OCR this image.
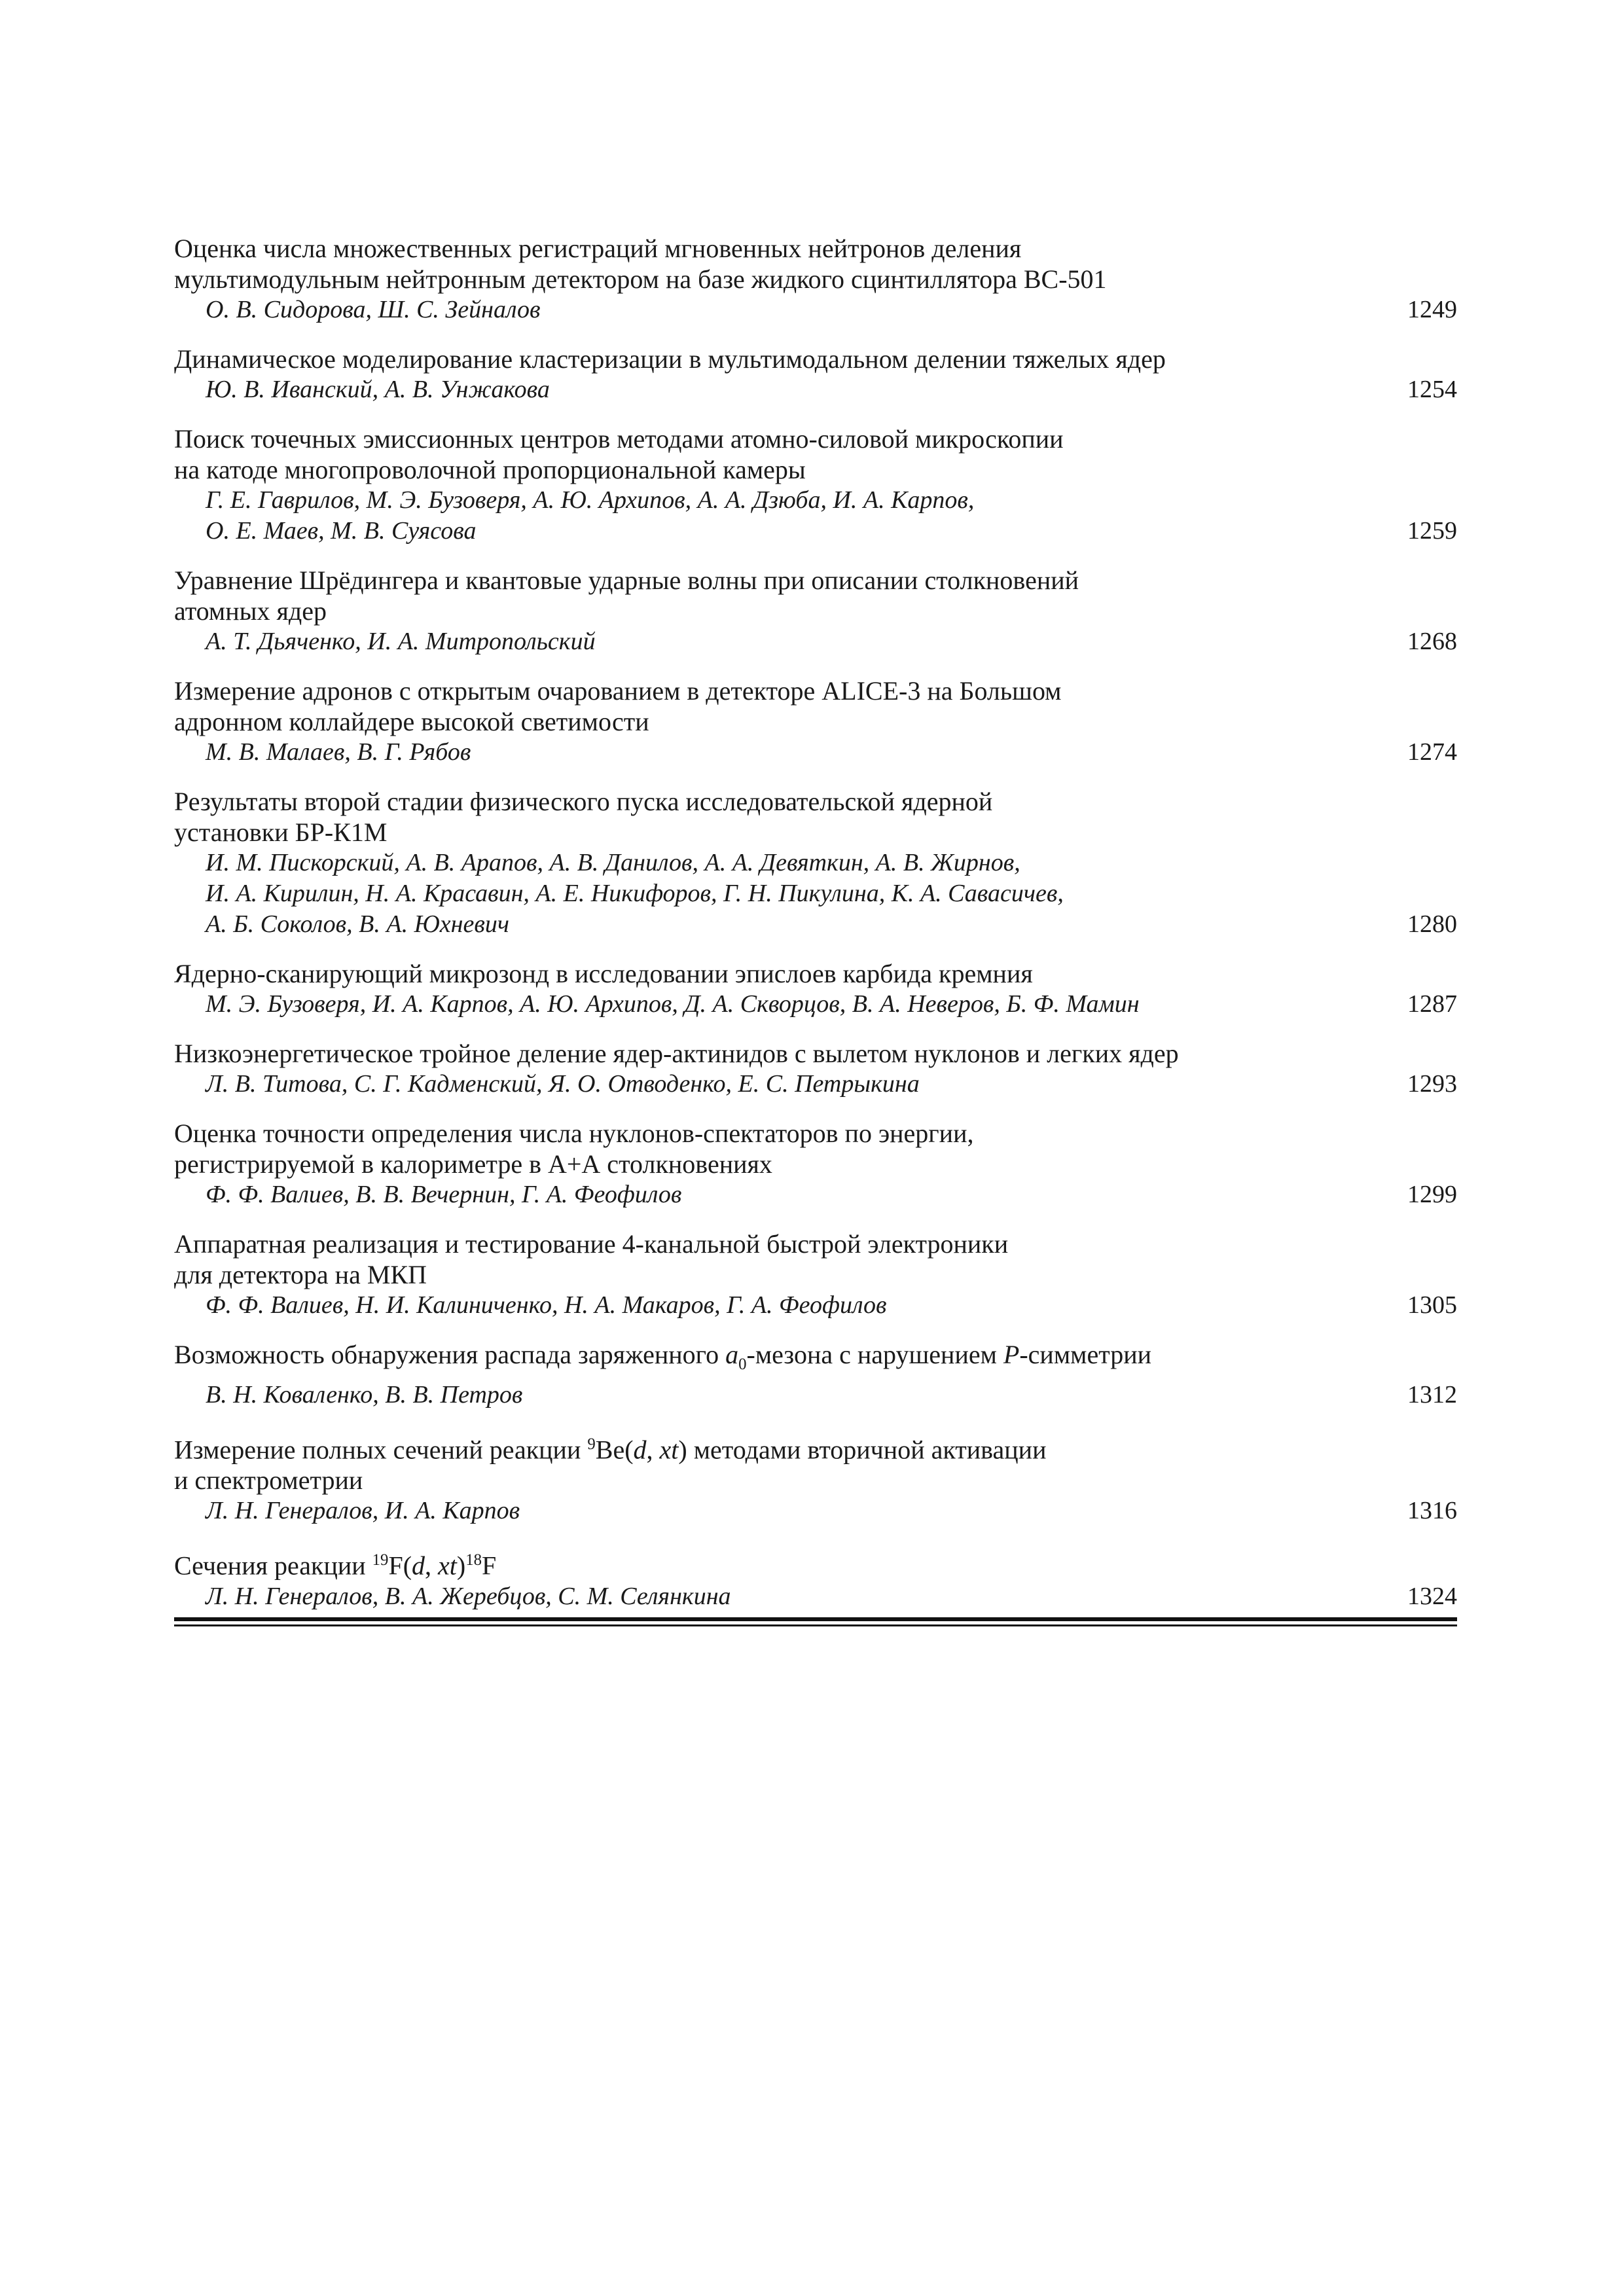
Оценка числа множественных регистраций мгновенных нейтронов деления
мультимодульным нейтронным детектором на базе жидкого сцинтиллятора BC-501
О. В. Сидорова, Ш. С. Зейналов	1249
Динамическое моделирование кластеризации в мультимодальном делении тяжелых ядер
Ю. В. Иванский, А. В. Унжакова	1254
Поиск точечных эмиссионных центров методами атомно-силовой микроскопии
на катоде многопроволочной пропорциональной камеры
Г. Е. Гаврилов, М. Э. Бузоверя, А. Ю. Архипов, А. А. Дзюба, И. А. Карпов,
О. Е. Маев, М. В. Суясова	1259
Уравнение Шрёдингера и квантовые ударные волны при описании столкновений
атомных ядер
А. Т. Дьяченко, И. А. Митропольский	1268
Измерение адронов с открытым очарованием в детекторе ALICE-3 на Большом
адронном коллайдере высокой светимости
М. В. Малаев, В. Г. Рябов	1274
Результаты второй стадии физического пуска исследовательской ядерной
установки БР-К1М
И. М. Пискорский, А. В. Арапов, А. В. Данилов, А. А. Девяткин, А. В. Жирнов,
И. А. Кирилин, Н. А. Красавин, А. Е. Никифоров, Г. Н. Пикулина, К. А. Савасичев,
А. Б. Соколов, В. А. Юхневич	1280
Ядерно-сканирующий микрозонд в исследовании эпислоев карбида кремния
М. Э. Бузоверя, И. А. Карпов, А. Ю. Архипов, Д. А. Скворцов, В. А. Неверов, Б. Ф. Мамин	1287
Низкоэнергетическое тройное деление ядер-актинидов с вылетом нуклонов и легких ядер
Л. В. Титова, С. Г. Кадменский, Я. О. Отводенко, Е. С. Петрыкина	1293
Оценка точности определения числа нуклонов-спектаторов по энергии,
регистрируемой в калориметре в А+А столкновениях
Ф. Ф. Валиев, В. В. Вечернин, Г. А. Феофилов	1299
Аппаратная реализация и тестирование 4-канальной быстрой электроники
для детектора на МКП
Ф. Ф. Валиев, Н. И. Калиниченко, Н. А. Макаров, Г. А. Феофилов	1305
Возможность обнаружения распада заряженного $a_0$-мезона с нарушением P-симметрии
В. Н. Коваленко, В. В. Петров	1312
Измерение полных сечений реакции $^9$Be(d, xt) методами вторичной активации
и спектрометрии
Л. Н. Генералов, И. А. Карпов	1316
Сечения реакции $^{19}$F(d, xt)$^{18}$F
Л. Н. Генералов, В. А. Жеребцов, С. М. Селянкина	1324
